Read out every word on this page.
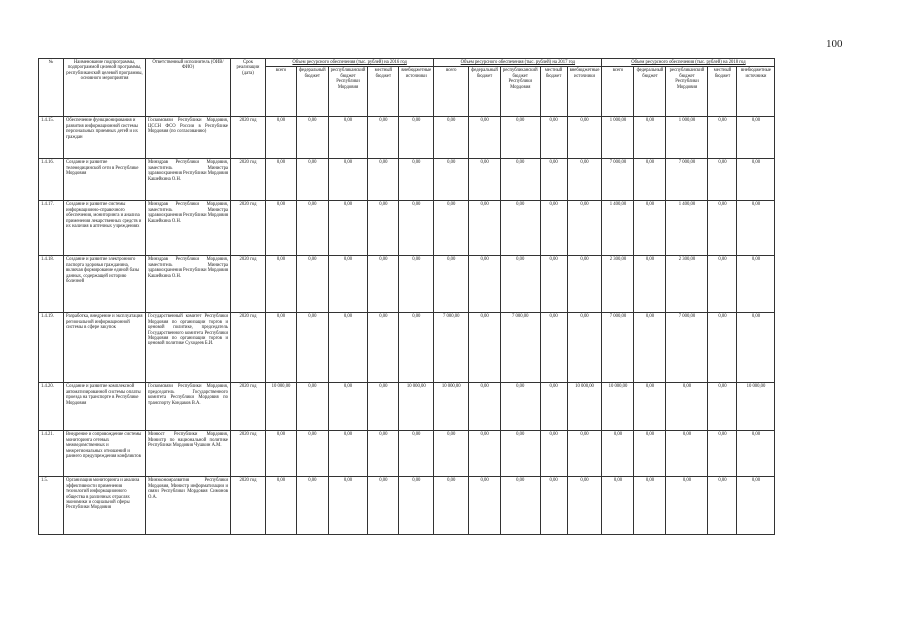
100
№	Наименование подпрограммы, подпрограммой целевой программы, республиканской целевой программы, основного мероприятия	Ответственный исполнитель (ОИВ/ФИО)	Срок реализации (дата)	Объем ресурсного обеспечения (тыс. рублей) на 2016 год					Объем ресурсного обеспечения (тыс. рублей) на 2017 год					Объем ресурсного обеспечения (тыс. рублей) на 2018 год				
				всего	федеральный бюджет	республиканский бюджет Республики Мордовия	местный бюджет	внебюджетные источники	всего	федеральный бюджет	республиканский бюджет Республики Мордовия	местный бюджет	внебюджетные источники	всего	федеральный бюджет	республиканский бюджет Республики Мордовия	местный бюджет	внебюджетные источники
1.4.15.	Обеспечение функционирования и развития информационной системы персональных приемных детей и их граждан	Госкомсвязи Республики Мордовия, ЦССН ФСО России в Республике Мордовия (по согласованию)	2020 год	0,00	0,00	0,00	0,00	0,00	0,00	0,00	0,00	0,00	0,00	1 000,00	0,00	1 000,00	0,00	0,00
1.4.16.	Создание и развитие телемедицинской сети в Республике Мордовия	Минздрав Республики Мордовия, заместитель Министра здравоохранения Республики Мордовия Кашейкина О.Н.	2020 год	0,00	0,00	0,00	0,00	0,00	0,00	0,00	0,00	0,00	0,00	7 000,00	0,00	7 000,00	0,00	0,00
1.4.17.	Создание и развитие системы информационно-справочного обеспечения, мониторинга и анализа применения лекарственных средств и их наличия в аптечных учреждениях	Минздрав Республики Мордовия, заместитель Министра здравоохранения Республики Мордовия Кашейкина О.Н.	2020 год	0,00	0,00	0,00	0,00	0,00	0,00	0,00	0,00	0,00	0,00	1 400,00	0,00	1 400,00	0,00	0,00
1.4.18.	Создание и развитие электронного паспорта здоровья гражданина, включая формирование единой базы данных, содержащей историю болезней	Минздрав Республики Мордовия, заместитель Министра здравоохранения Республики Мордовия Кашейкина О.Н.	2020 год	0,00	0,00	0,00	0,00	0,00	0,00	0,00	0,00	0,00	0,00	2 300,00	0,00	2 300,00	0,00	0,00
1.4.19.	Разработка, внедрение и эксплуатация региональной информационной системы в сфере закупок	Государственный комитет Республики Мордовия по организации торгов и ценовой политике, председатель Государственного комитета Республики Мордовия по организации торгов и ценовой политике Суходеев Б.И.	2020 год	0,00	0,00	0,00	0,00	0,00	7 000,00	0,00	7 000,00	0,00	0,00	7 000,00	0,00	7 000,00	0,00	0,00
1.4.20.	Создание и развитие комплексной автоматизированной системы оплаты проезда на транспорте в Республике Мордовия	Госкомсвязи Республики Мордовия, председатель Государственного комитета Республики Мордовия по транспорту Кондаков В.А.	2020 год	10 000,00	0,00	0,00	0,00	10 000,00	10 000,00	0,00	0,00	0,00	10 000,00	10 000,00	0,00	0,00	0,00	10 000,00
1.4.21.	Внедрение и сопровождение системы мониторинга сетевых межведомственных и межрегиональных отношений и раннего предупреждения конфликтов	Минюст Республики Мордовия, Министр по национальной политике Республики Мордовия Чушкин А.М.	2020 год	0,00	0,00	0,00	0,00	0,00	0,00	0,00	0,00	0,00	0,00	0,00	0,00	0,00	0,00	0,00
1.5.	Организация мониторинга и анализа эффективности применения технологий информационного общества в различных отраслях экономики и социальной сферы Республики Мордовия	Минэкономразвития Республики Мордовия, Министр информатизации и связи Республики Мордовия Симонов О.А.	2020 год	0,00	0,00	0,00	0,00	0,00	0,00	0,00	0,00	0,00	0,00	0,00	0,00	0,00	0,00	0,00
